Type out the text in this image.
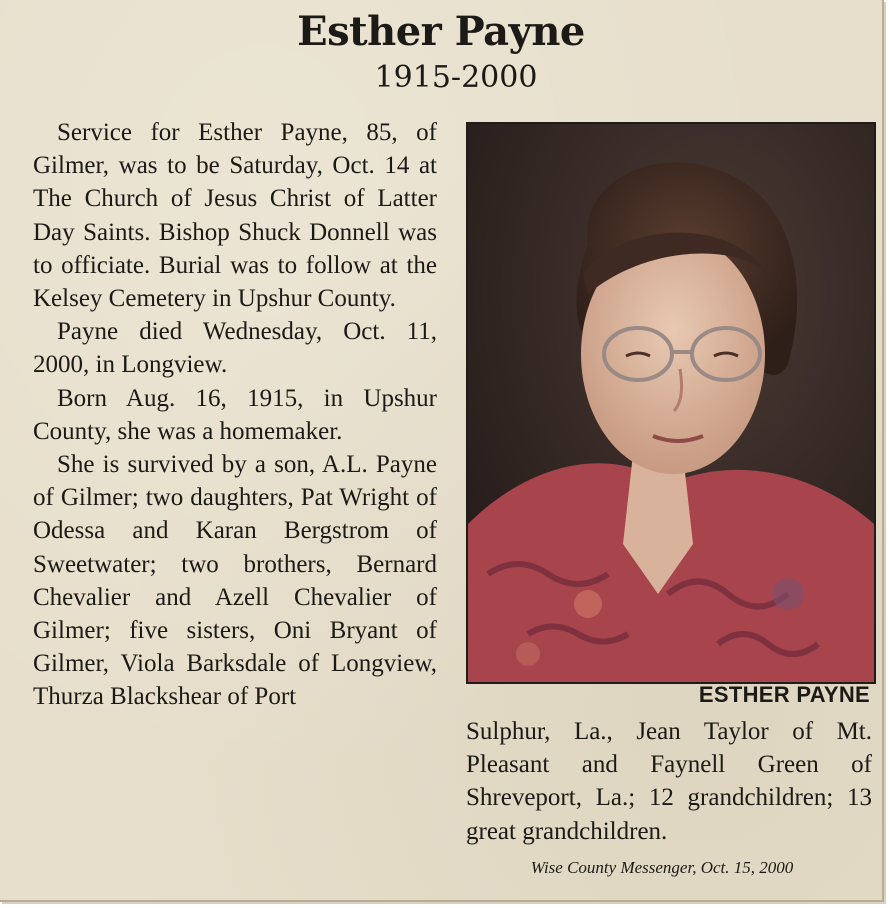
Esther Payne
1915-2000

Service for Esther Payne, 85, of Gilmer, was to be Saturday, Oct. 14 at The Church of Jesus Christ of Latter Day Saints. Bishop Shuck Donnell was to officiate. Burial was to follow at the Kelsey Cemetery in Upshur County.

Payne died Wednesday, Oct. 11, 2000, in Longview.

Born Aug. 16, 1915, in Upshur County, she was a homemaker.

She is survived by a son, A.L. Payne of Gilmer; two daughters, Pat Wright of Odessa and Karan Bergstrom of Sweetwater; two brothers, Bernard Chevalier and Azell Chevalier of Gilmer; five sisters, Oni Bryant of Gilmer, Viola Barksdale of Longview, Thurza Blackshear of Port	ESTHER PAYNE

Sulphur, La., Jean Taylor of Mt. Pleasant and Faynell Green of Shreveport, La.; 12 grandchildren; 13 great grandchildren.

Wise County Messenger, Oct. 15, 2000
